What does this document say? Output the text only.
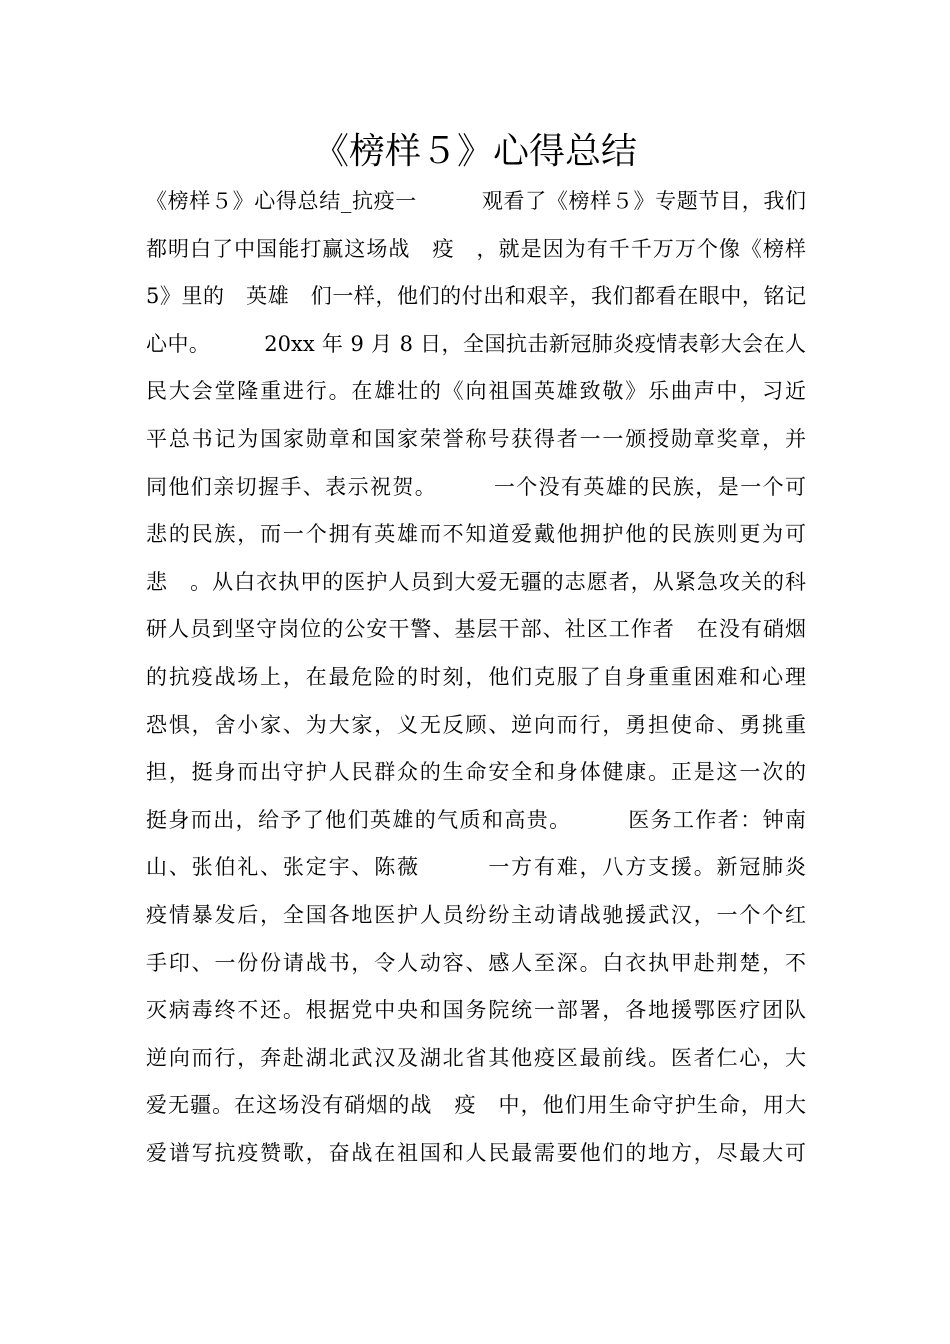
《榜样５》心得总结
《榜样５》心得总结_抗疫一　　　观看了《榜样５》专题节目，我们
都明白了中国能打赢这场战　疫　，就是因为有千千万万个像《榜样
5》里的　英雄　们一样，他们的付出和艰辛，我们都看在眼中，铭记
心中。　　　20xx 年 9 月 8 日，全国抗击新冠肺炎疫情表彰大会在人
民大会堂隆重进行。在雄壮的《向祖国英雄致敬》乐曲声中，习近
平总书记为国家勋章和国家荣誉称号获得者一一颁授勋章奖章，并
同他们亲切握手、表示祝贺。　　　一个没有英雄的民族，是一个可
悲的民族，而一个拥有英雄而不知道爱戴他拥护他的民族则更为可
悲　。从白衣执甲的医护人员到大爱无疆的志愿者，从紧急攻关的科
研人员到坚守岗位的公安干警、基层干部、社区工作者　在没有硝烟
的抗疫战场上，在最危险的时刻，他们克服了自身重重困难和心理
恐惧，舍小家、为大家，义无反顾、逆向而行，勇担使命、勇挑重
担，挺身而出守护人民群众的生命安全和身体健康。正是这一次的
挺身而出，给予了他们英雄的气质和高贵。　　　医务工作者：钟南
山、张伯礼、张定宇、陈薇　　　一方有难，八方支援。新冠肺炎
疫情暴发后，全国各地医护人员纷纷主动请战驰援武汉，一个个红
手印、一份份请战书，令人动容、感人至深。白衣执甲赴荆楚，不
灭病毒终不还。根据党中央和国务院统一部署，各地援鄂医疗团队
逆向而行，奔赴湖北武汉及湖北省其他疫区最前线。医者仁心，大
爱无疆。在这场没有硝烟的战　疫　中，他们用生命守护生命，用大
爱谱写抗疫赞歌，奋战在祖国和人民最需要他们的地方，尽最大可
